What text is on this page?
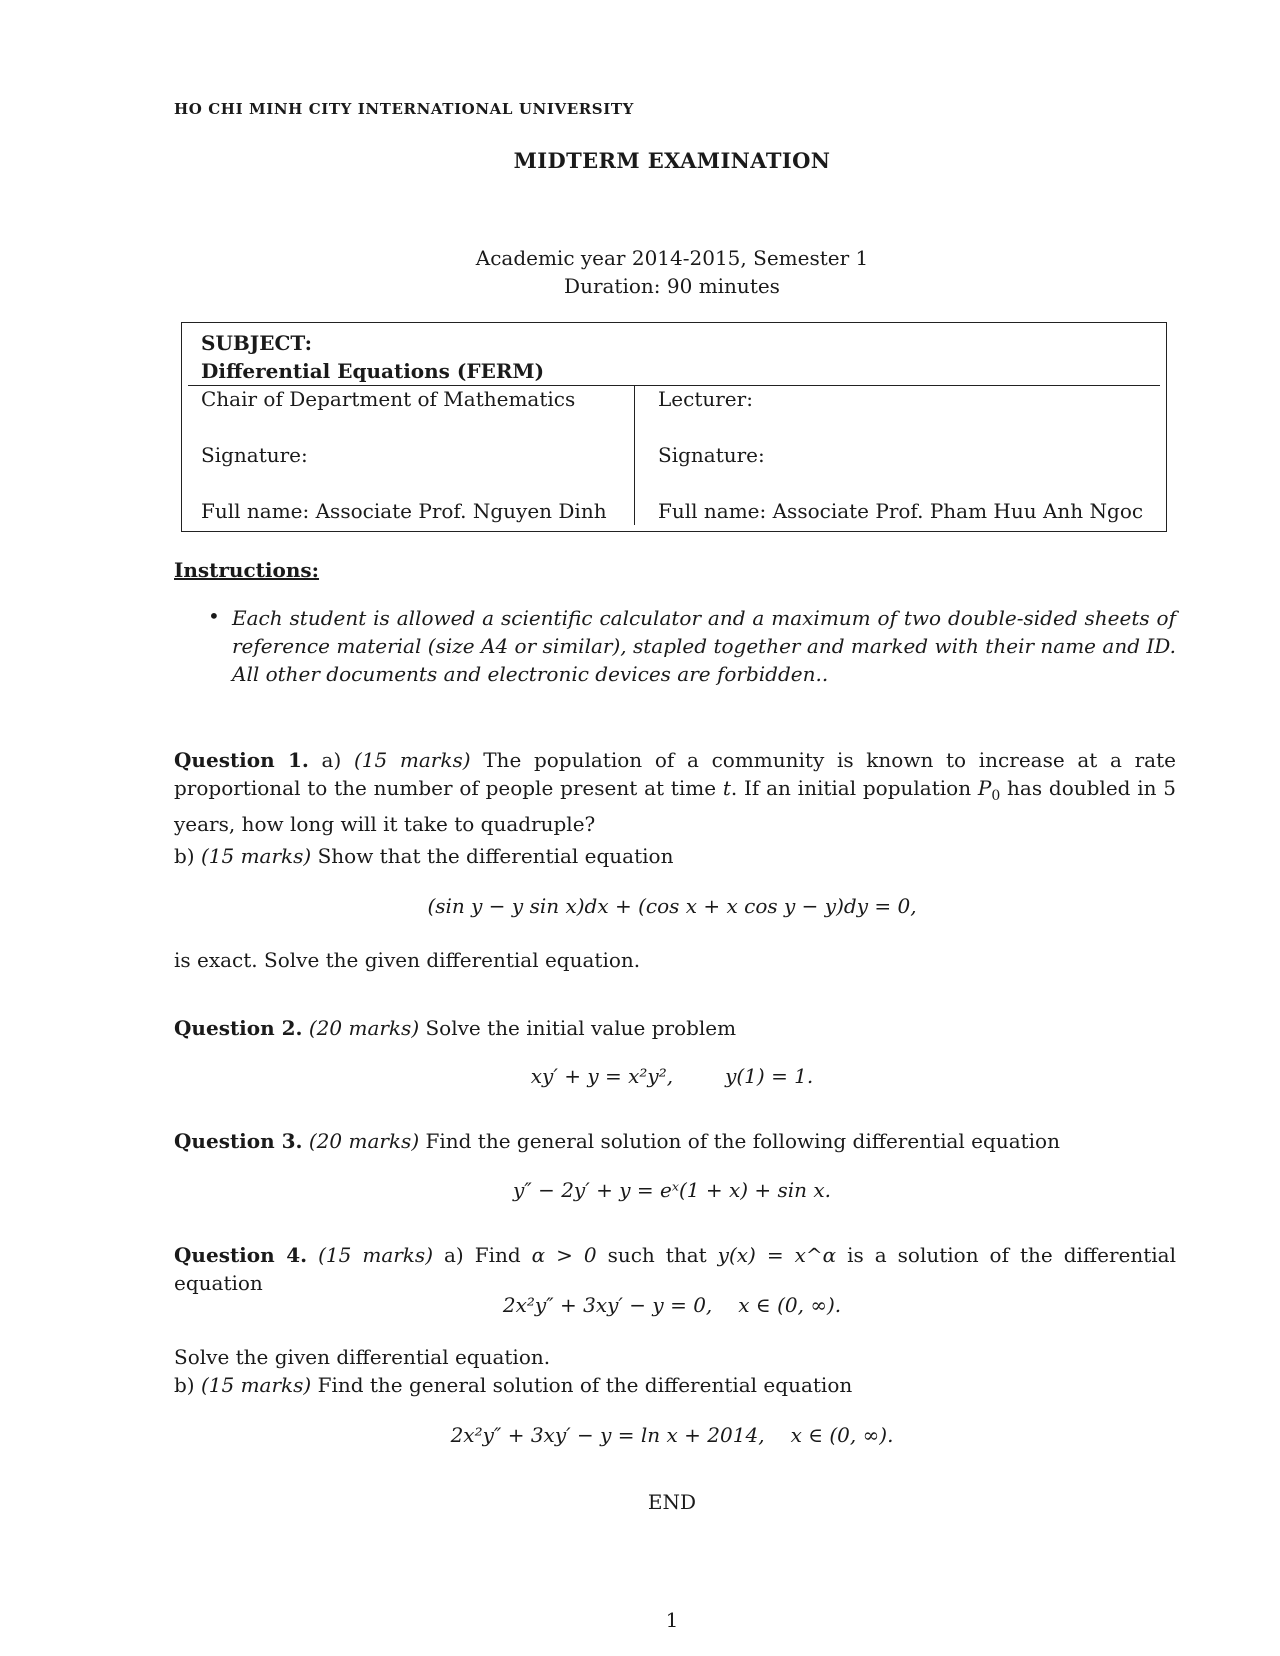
HO CHI MINH CITY INTERNATIONAL UNIVERSITY
MIDTERM EXAMINATION
Academic year 2014-2015, Semester 1
Duration: 90 minutes
SUBJECT:
Differential Equations (FERM)
Chair of Department of Mathematics
Signature:
Full name: Associate Prof. Nguyen Dinh
Lecturer:
Signature:
Full name: Associate Prof. Pham Huu Anh Ngoc
Instructions:
• Each student is allowed a scientific calculator and a maximum of two double-sided sheets of reference material (size A4 or similar), stapled together and marked with their name and ID. All other documents and electronic devices are forbidden..
Question 1. a) (15 marks) The population of a community is known to increase at a rate proportional to the number of people present at time t. If an initial population $P_0$ has doubled in 5 years, how long will it take to quadruple?
b) (15 marks) Show that the differential equation
(sin y − y sin x)dx + (cos x + x cos y − y)dy = 0,
is exact. Solve the given differential equation.
Question 2. (20 marks) Solve the initial value problem
xy′ + y = x²y²,	y(1) = 1.
Question 3. (20 marks) Find the general solution of the following differential equation
y″ − 2y′ + y = eˣ(1 + x) + sin x.
Question 4. (15 marks) a) Find α > 0 such that y(x) = x^α is a solution of the differential equation
2x²y″ + 3xy′ − y = 0, x ∈ (0, ∞).
Solve the given differential equation.
b) (15 marks) Find the general solution of the differential equation
2x²y″ + 3xy′ − y = ln x + 2014, x ∈ (0, ∞).
END
1
